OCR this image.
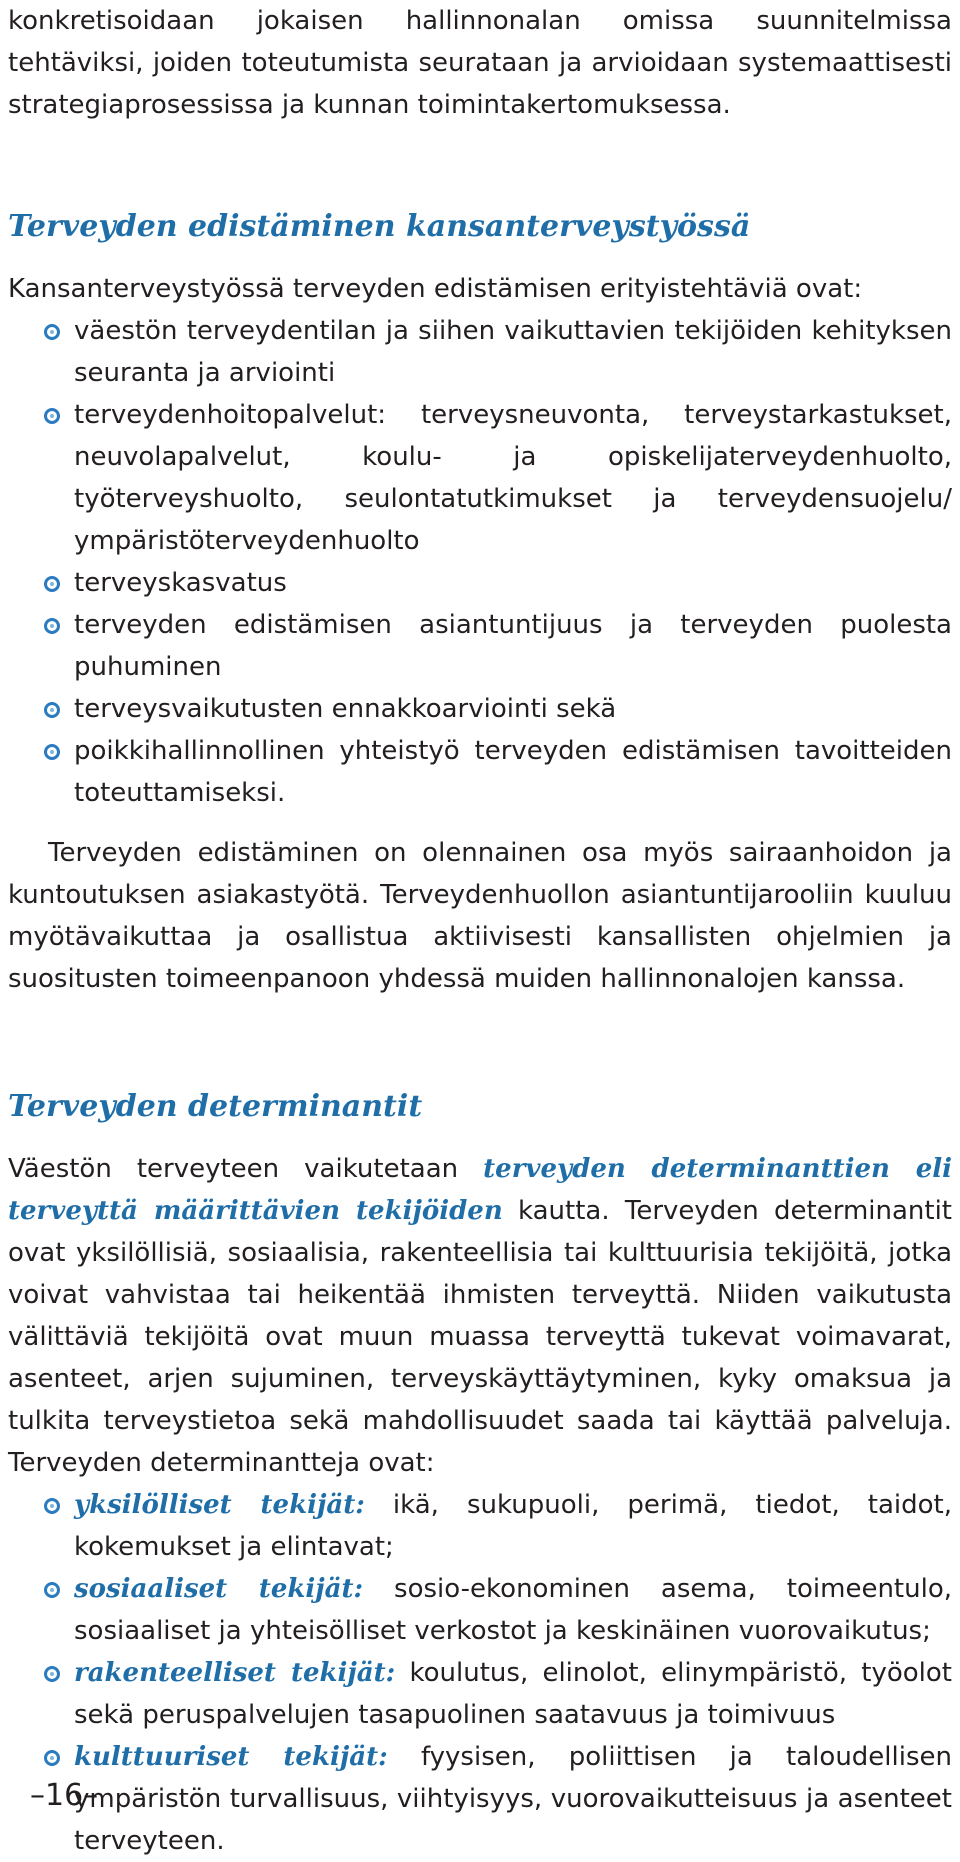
konkretisoidaan jokaisen hallinnonalan omissa suunnitelmissa tehtäviksi, joiden toteutumista seurataan ja arvioidaan systemaattisesti strategiaprosessissa ja kunnan toimintakertomuksessa.

Terveyden edistäminen kansanterveystyössä

Kansanterveystyössä terveyden edistämisen erityistehtäviä ovat:

väestön terveydentilan ja siihen vaikuttavien tekijöiden kehityksen seuranta ja arviointi
terveydenhoitopalvelut: terveysneuvonta, terveystarkastukset, neuvolapalvelut, koulu- ja opiskelijaterveydenhuolto, työterveyshuolto, seulontatutkimukset ja terveydensuojelu/ ympäristöterveydenhuolto
terveyskasvatus
terveyden edistämisen asiantuntijuus ja terveyden puolesta puhuminen
terveysvaikutusten ennakkoarviointi sekä
poikkihallinnollinen yhteistyö terveyden edistämisen tavoitteiden toteuttamiseksi.

Terveyden edistäminen on olennainen osa myös sairaanhoidon ja kuntoutuksen asiakastyötä. Terveydenhuollon asiantuntijarooliin kuuluu myötävaikuttaa ja osallistua aktiivisesti kansallisten ohjelmien ja suositusten toimeenpanoon yhdessä muiden hallinnonalojen kanssa.

Terveyden determinantit

Väestön terveyteen vaikutetaan terveyden determinanttien eli terveyttä määrittävien tekijöiden kautta. Terveyden determinantit ovat yksilöllisiä, sosiaalisia, rakenteellisia tai kulttuurisia tekijöitä, jotka voivat vahvistaa tai heikentää ihmisten terveyttä. Niiden vaikutusta välittäviä tekijöitä ovat muun muassa terveyttä tukevat voimavarat, asenteet, arjen sujuminen, terveyskäyttäytyminen, kyky omaksua ja tulkita terveystietoa sekä mahdollisuudet saada tai käyttää palveluja. Terveyden determinantteja ovat:

yksilölliset tekijät: ikä, sukupuoli, perimä, tiedot, taidot, kokemukset ja elintavat;
sosiaaliset tekijät: sosio-ekonominen asema, toimeentulo, sosiaaliset ja yhteisölliset verkostot ja keskinäinen vuorovaikutus;
rakenteelliset tekijät: koulutus, elinolot, elinympäristö, työolot sekä peruspalvelujen tasapuolinen saatavuus ja toimivuus
kulttuuriset tekijät: fyysisen, poliittisen ja taloudellisen ympäristön turvallisuus, viihtyisyys, vuorovaikutteisuus ja asenteet terveyteen.
–16–
